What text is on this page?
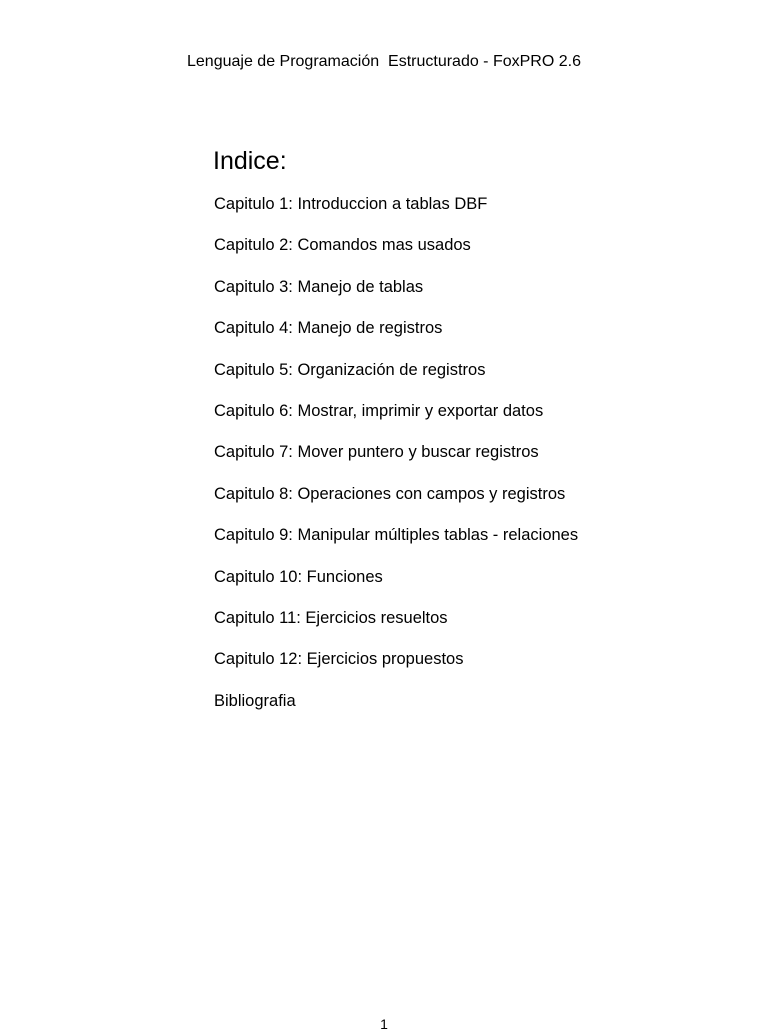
Lenguaje de Programación  Estructurado - FoxPRO 2.6
Indice:
Capitulo 1: Introduccion a tablas DBF
Capitulo 2: Comandos mas usados
Capitulo 3: Manejo de tablas
Capitulo 4: Manejo de registros
Capitulo 5: Organización de registros
Capitulo 6: Mostrar, imprimir y exportar datos
Capitulo 7: Mover puntero y buscar registros
Capitulo 8: Operaciones con campos y registros
Capitulo 9: Manipular múltiples tablas - relaciones
Capitulo 10: Funciones
Capitulo 11: Ejercicios resueltos
Capitulo 12: Ejercicios propuestos
Bibliografia
1
